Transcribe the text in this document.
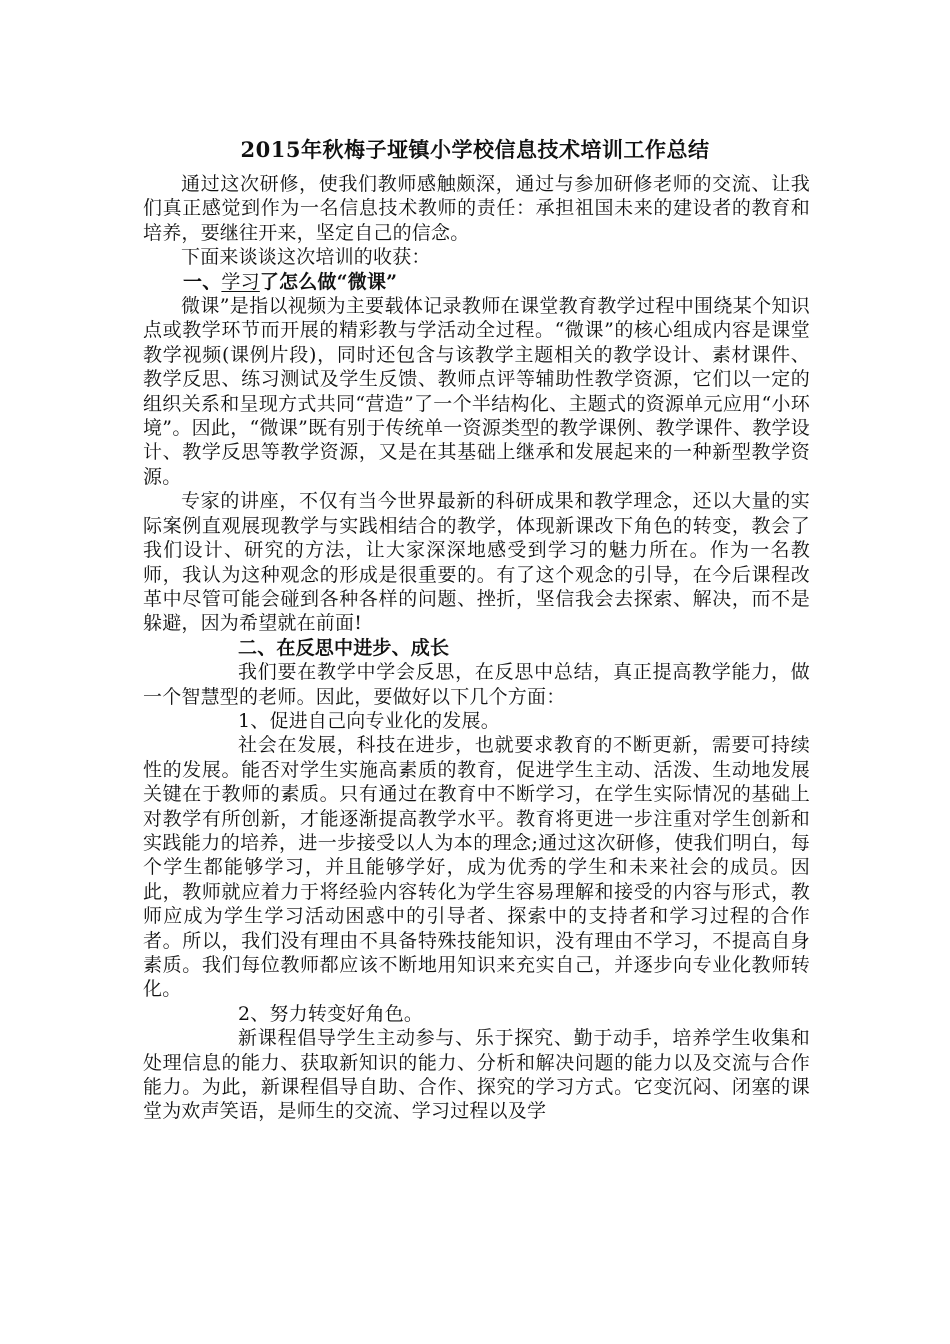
2015年秋梅子垭镇小学校信息技术培训工作总结

通过这次研修，使我们教师感触颇深，通过与参加研修老师的交流、让我们真正感觉到作为一名信息技术教师的责任：承担祖国未来的建设者的教育和培养，要继往开来，坚定自己的信念。

下面来谈谈这次培训的收获：

一、学习了怎么做“微课”

微课”是指以视频为主要载体记录教师在课堂教育教学过程中围绕某个知识点或教学环节而开展的精彩教与学活动全过程。“微课”的核心组成内容是课堂教学视频(课例片段)，同时还包含与该教学主题相关的教学设计、素材课件、教学反思、练习测试及学生反馈、教师点评等辅助性教学资源，它们以一定的组织关系和呈现方式共同“营造”了一个半结构化、主题式的资源单元应用“小环境”。因此，“微课”既有别于传统单一资源类型的教学课例、教学课件、教学设计、教学反思等教学资源，又是在其基础上继承和发展起来的一种新型教学资源。

专家的讲座，不仅有当今世界最新的科研成果和教学理念，还以大量的实际案例直观展现教学与实践相结合的教学，体现新课改下角色的转变，教会了我们设计、研究的方法，让大家深深地感受到学习的魅力所在。作为一名教师，我认为这种观念的形成是很重要的。有了这个观念的引导，在今后课程改革中尽管可能会碰到各种各样的问题、挫折，坚信我会去探索、解决，而不是躲避，因为希望就在前面!

二、在反思中进步、成长

我们要在教学中学会反思，在反思中总结，真正提高教学能力，做一个智慧型的老师。因此，要做好以下几个方面：

1、促进自己向专业化的发展。

社会在发展，科技在进步，也就要求教育的不断更新，需要可持续性的发展。能否对学生实施高素质的教育，促进学生主动、活泼、生动地发展关键在于教师的素质。只有通过在教育中不断学习，在学生实际情况的基础上对教学有所创新，才能逐渐提高教学水平。教育将更进一步注重对学生创新和实践能力的培养，进一步接受以人为本的理念;通过这次研修，使我们明白，每个学生都能够学习，并且能够学好，成为优秀的学生和未来社会的成员。因此，教师就应着力于将经验内容转化为学生容易理解和接受的内容与形式，教师应成为学生学习活动困惑中的引导者、探索中的支持者和学习过程的合作者。所以，我们没有理由不具备特殊技能知识，没有理由不学习，不提高自身素质。我们每位教师都应该不断地用知识来充实自己，并逐步向专业化教师转化。

2、努力转变好角色。

新课程倡导学生主动参与、乐于探究、勤于动手，培养学生收集和处理信息的能力、获取新知识的能力、分析和解决问题的能力以及交流与合作能力。为此，新课程倡导自助、合作、探究的学习方式。它变沉闷、闭塞的课堂为欢声笑语，是师生的交流、学习过程以及学
